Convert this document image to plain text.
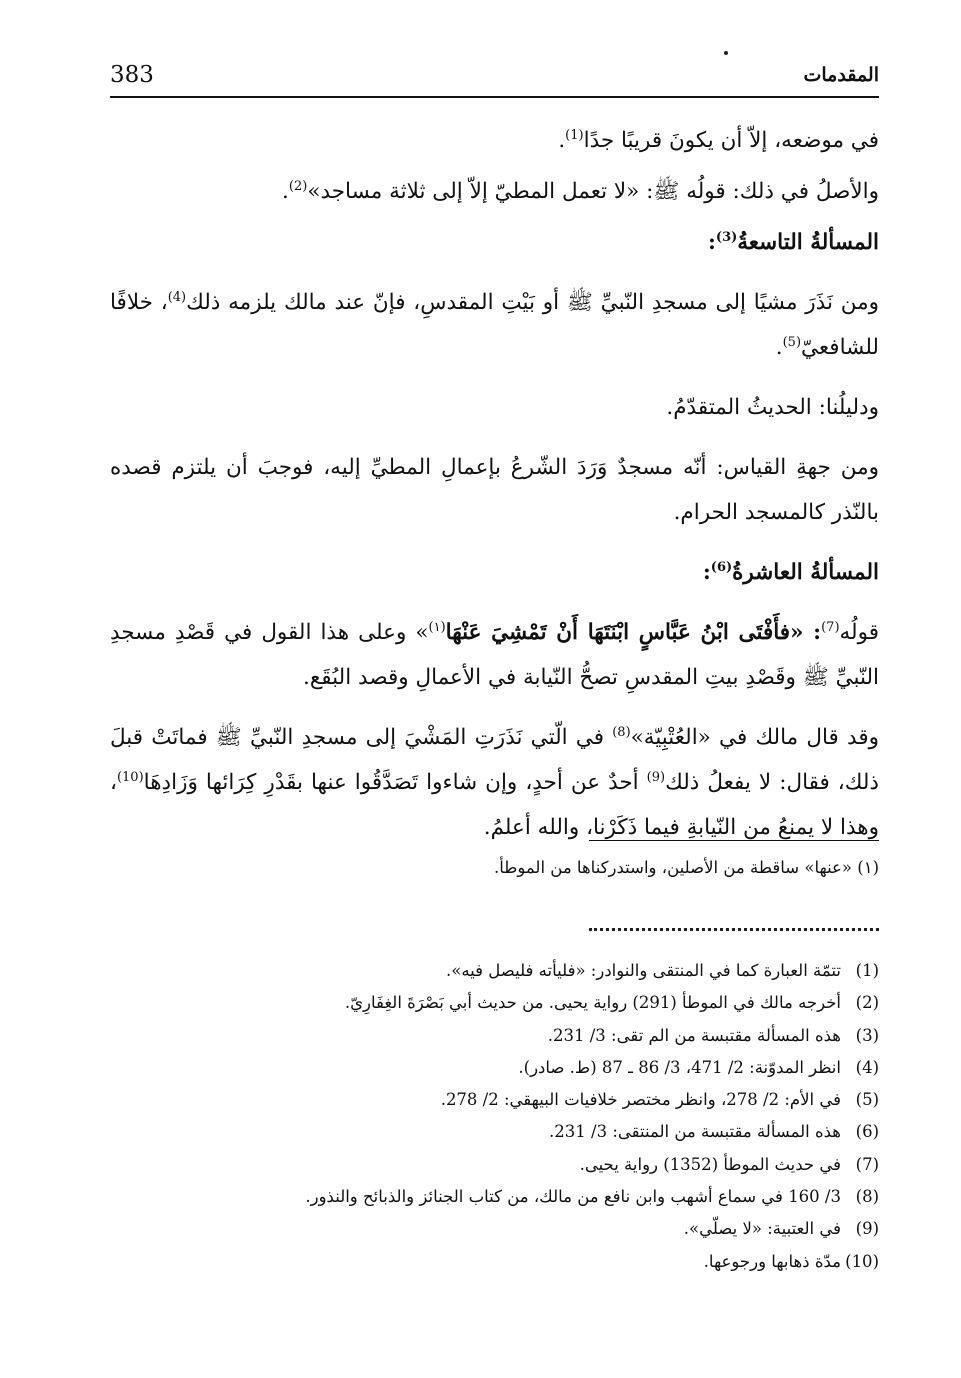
383	المقدمات

في موضعه، إلاّ أن يكونَ قريبًا جدًا$^{(1)}$.

والأصلُ في ذلك: قولُه ﷺ: «لا تعمل المطيّ إلاّ إلى ثلاثة مساجد»$^{(2)}$.

المسألةُ التاسعةُ$^{(3)}$:

ومن نَذَرَ مشيًا إلى مسجدِ النّبيِّ ﷺ أو بَيْتِ المقدسِ، فإنّ عند مالك يلزمه ذلك$^{(4)}$، خلافًا للشافعيّ$^{(5)}$.

ودليلُنا: الحديثُ المتقدّمُ.

ومن جهةِ القياس: أنّه مسجدٌ وَرَدَ الشّرعُ بإعمالِ المطيِّ إليه، فوجبَ أن يلتزم قصده بالنّذر كالمسجد الحرام.

المسألةُ العاشرةُ$^{(6)}$:

قولُه$^{(7)}$: «فأَفْتَى ابْنُ عَبَّاسٍ ابْنَتَهَا أَنْ تَمْشِيَ عَنْهَا$^{(١)}$» وعلى هذا القول في قَصْدِ مسجدِ النّبيِّ ﷺ وقَصْدِ بيتِ المقدسِ تصحُّ النّيابة في الأعمالِ وقصد البُقَع.

وقد قال مالك في «العُتْبِيّة»$^{(8)}$ في الّتي نَذَرَتِ المَشْيَ إلى مسجدِ النّبيِّ ﷺ فماتَتْ قبلَ ذلك، فقال: لا يفعلُ ذلك$^{(9)}$ أحدٌ عن أحدٍ، وإن شاءوا تَصَدَّقُوا عنها بقَدْرِ كِرَائها وَزَادِهَا$^{(10)}$، وهذا لا يمنعُ من النّيابةِ فيما ذَكَرْنا، والله أعلمُ.

(١) «عنها» ساقطة من الأصلين، واستدركناها من الموطأ.
(1)
تتمّة العبارة كما في المنتقى والنوادر: «فليأته فليصل فيه».
(2)
أخرجه مالك في الموطأ (291) رواية يحيى. من حديث أبي بَصْرَةَ الغِفَارِيّ.
(3)
هذه المسألة مقتبسة من الم تقى: 3/ 231.
(4)
انظر المدوّنة: 2/ 471، 3/ 86 ـ 87 (ط. صادر).
(5)
في الأم: 2/ 278، وانظر مختصر خلافيات البيهقي: 2/ 278.
(6)
هذه المسألة مقتبسة من المنتقى: 3/ 231.
(7)
في حديث الموطأ (1352) رواية يحيى.
(8)
3/ 160 في سماع أشهب وابن نافع من مالك، من كتاب الجنائز والذبائح والنذور.
(9)
في العتبية: «لا يصلّي».
(10)
مدّة ذهابها ورجوعها.
